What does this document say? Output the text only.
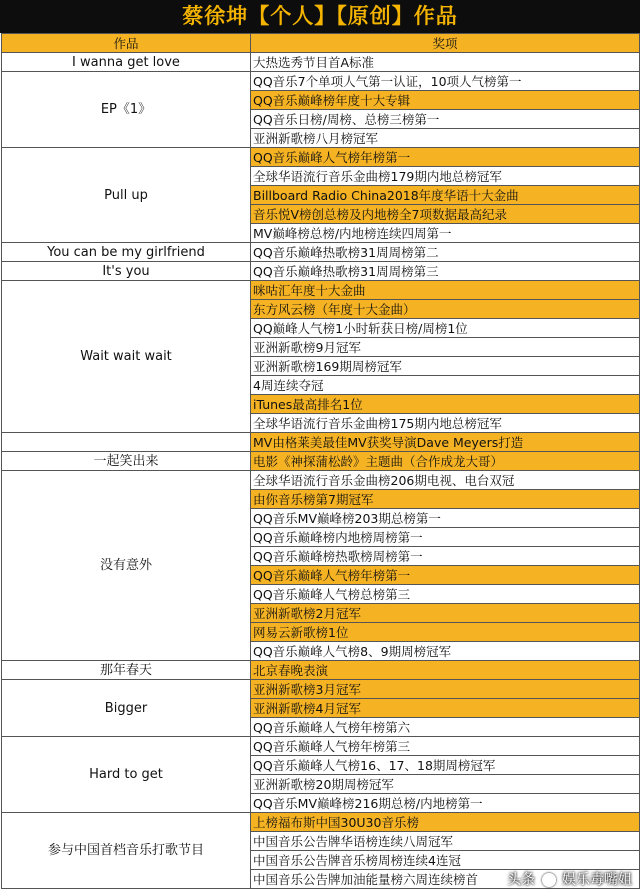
蔡徐坤【个人】【原创】作品
作品	奖项
I wanna get love	大热选秀节目首A标准
EP《1》	QQ音乐7个单项人气第一认证，10项人气榜第一
	QQ音乐巅峰榜年度十大专辑
	QQ音乐日榜/周榜、总榜三榜第一
	亚洲新歌榜八月榜冠军
Pull up	QQ音乐巅峰人气榜年榜第一
	全球华语流行音乐金曲榜179期内地总榜冠军
	Billboard Radio China2018年度华语十大金曲
	音乐悦V榜创总榜及内地榜全7项数据最高纪录
	MV巅峰榜总榜/内地榜连续四周第一
You can be my girlfriend	QQ音乐巅峰热歌榜31周周榜第二
It's you	QQ音乐巅峰热歌榜31周周榜第三
Wait wait wait	咪咕汇年度十大金曲
	东方风云榜（年度十大金曲）
	QQ巅峰人气榜1小时斩获日榜/周榜1位
	亚洲新歌榜9月冠军
	亚洲新歌榜169期周榜冠军
	4周连续夺冠
	iTunes最高排名1位
	全球华语流行音乐金曲榜175期内地总榜冠军
	MV由格莱美最佳MV获奖导演Dave Meyers打造
一起笑出来	电影《神探蒲松龄》主题曲（合作成龙大哥）
没有意外	全球华语流行音乐金曲榜206期电视、电台双冠
	由你音乐榜第7期冠军
	QQ音乐MV巅峰榜203期总榜第一
	QQ音乐巅峰榜内地榜周榜第一
	QQ音乐巅峰榜热歌榜周榜第一
	QQ音乐巅峰人气榜年榜第一
	QQ音乐巅峰人气榜总榜第三
	亚洲新歌榜2月冠军
	网易云新歌榜1位
	QQ音乐巅峰人气榜8、9期周榜冠军
那年春天	北京春晚表演
Bigger	亚洲新歌榜3月冠军
	亚洲新歌榜4月冠军
	QQ音乐巅峰人气榜年榜第六
Hard to get	QQ音乐巅峰人气榜年榜第三
	QQ音乐巅峰人气榜16、17、18期周榜冠军
	亚洲新歌榜20期周榜冠军
	QQ音乐MV巅峰榜216期总榜/内地榜第一
参与中国首档音乐打歌节目	上榜福布斯中国30U30音乐榜
	中国音乐公告牌华语榜连续八周冠军
	中国音乐公告牌音乐榜周榜连续4连冠
	中国音乐公告牌加油能量榜六周连续榜首 头条 娱乐毒嘴姐
